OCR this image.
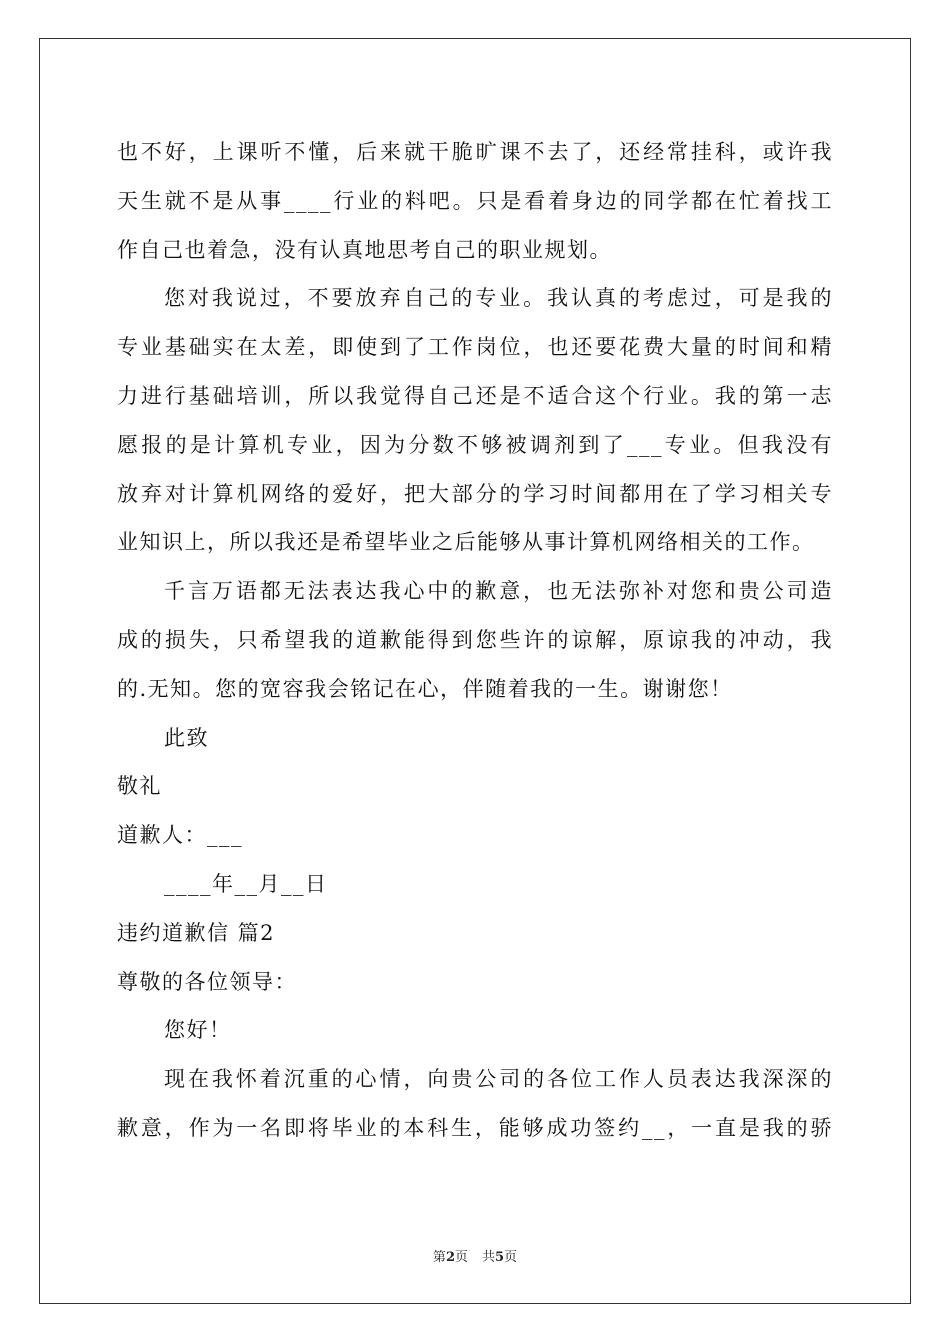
也不好，上课听不懂，后来就干脆旷课不去了，还经常挂科，或许我
天生就不是从事____行业的料吧。只是看着身边的同学都在忙着找工
作自己也着急，没有认真地思考自己的职业规划。
您对我说过，不要放弃自己的专业。我认真的考虑过，可是我的
专业基础实在太差，即使到了工作岗位，也还要花费大量的时间和精
力进行基础培训，所以我觉得自己还是不适合这个行业。我的第一志
愿报的是计算机专业，因为分数不够被调剂到了___专业。但我没有
放弃对计算机网络的爱好，把大部分的学习时间都用在了学习相关专
业知识上，所以我还是希望毕业之后能够从事计算机网络相关的工作。
千言万语都无法表达我心中的歉意，也无法弥补对您和贵公司造
成的损失，只希望我的道歉能得到您些许的谅解，原谅我的冲动，我
的.无知。您的宽容我会铭记在心，伴随着我的一生。谢谢您！
此致
敬礼
道歉人：___
____年__月__日
违约道歉信 篇2
尊敬的各位领导：
您好！
现在我怀着沉重的心情，向贵公司的各位工作人员表达我深深的
歉意，作为一名即将毕业的本科生，能够成功签约__，一直是我的骄
第2页 共5页
